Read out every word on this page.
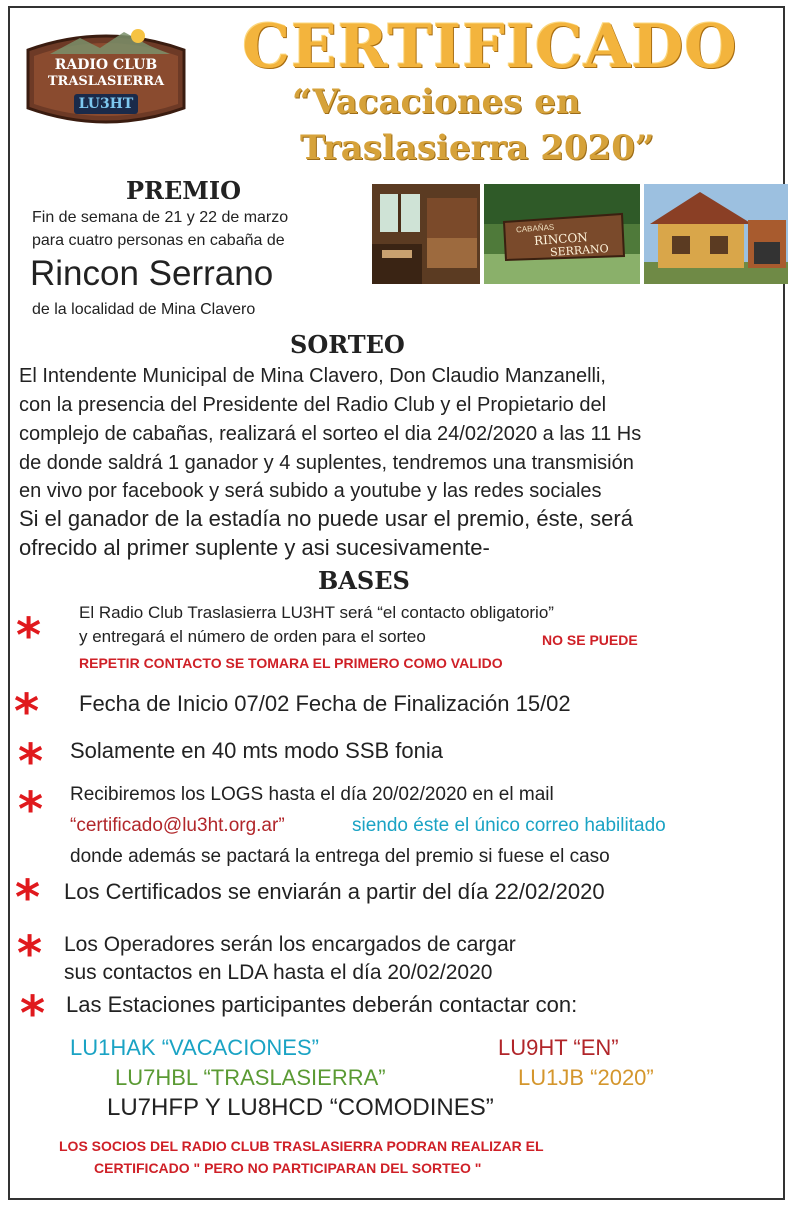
RADIO CLUB
TRASLASIERRA
LU3HT
CERTIFICADO
“Vacaciones en
Traslasierra 2020”
PREMIO
Fin de semana de 21 y 22 de marzo
para cuatro personas en cabaña de
Rincon Serrano
de la localidad de Mina Clavero
CABAÑAS
RINCON
SERRANO
SORTEO
El Intendente Municipal de Mina Clavero, Don Claudio Manzanelli,
con la presencia del Presidente del Radio Club y el Propietario del
complejo de cabañas, realizará el sorteo el dia 24/02/2020 a las 11 Hs
de donde saldrá 1 ganador y 4 suplentes, tendremos una transmisión
en vivo por facebook y será subido a youtube y las redes sociales
Si el ganador de la estadía no puede usar el premio, éste, será
ofrecido al primer suplente y asi sucesivamente-
BASES
* El Radio Club Traslasierra LU3HT será “el contacto obligatorio”
y entregará el número de orden para el sorteo	NO SE PUEDE
REPETIR CONTACTO SE TOMARA EL PRIMERO COMO VALIDO
* Fecha de Inicio 07/02 Fecha de Finalización 15/02
* Solamente en 40 mts modo SSB fonia
* Recibiremos los LOGS hasta el día 20/02/2020 en el mail
“certificado@lu3ht.org.ar”	siendo éste el único correo habilitado
donde además se pactará la entrega del premio si fuese el caso
* Los Certificados se enviarán a partir del día 22/02/2020
* Los Operadores serán los encargados de cargar
sus contactos en LDA hasta el día 20/02/2020
* Las Estaciones participantes deberán contactar con:
LU1HAK “VACACIONES”	LU9HT “EN”
LU7HBL “TRASLASIERRA”	LU1JB “2020”
LU7HFP Y LU8HCD “COMODINES”
LOS SOCIOS DEL RADIO CLUB TRASLASIERRA PODRAN REALIZAR EL
CERTIFICADO " PERO NO PARTICIPARAN DEL SORTEO "
